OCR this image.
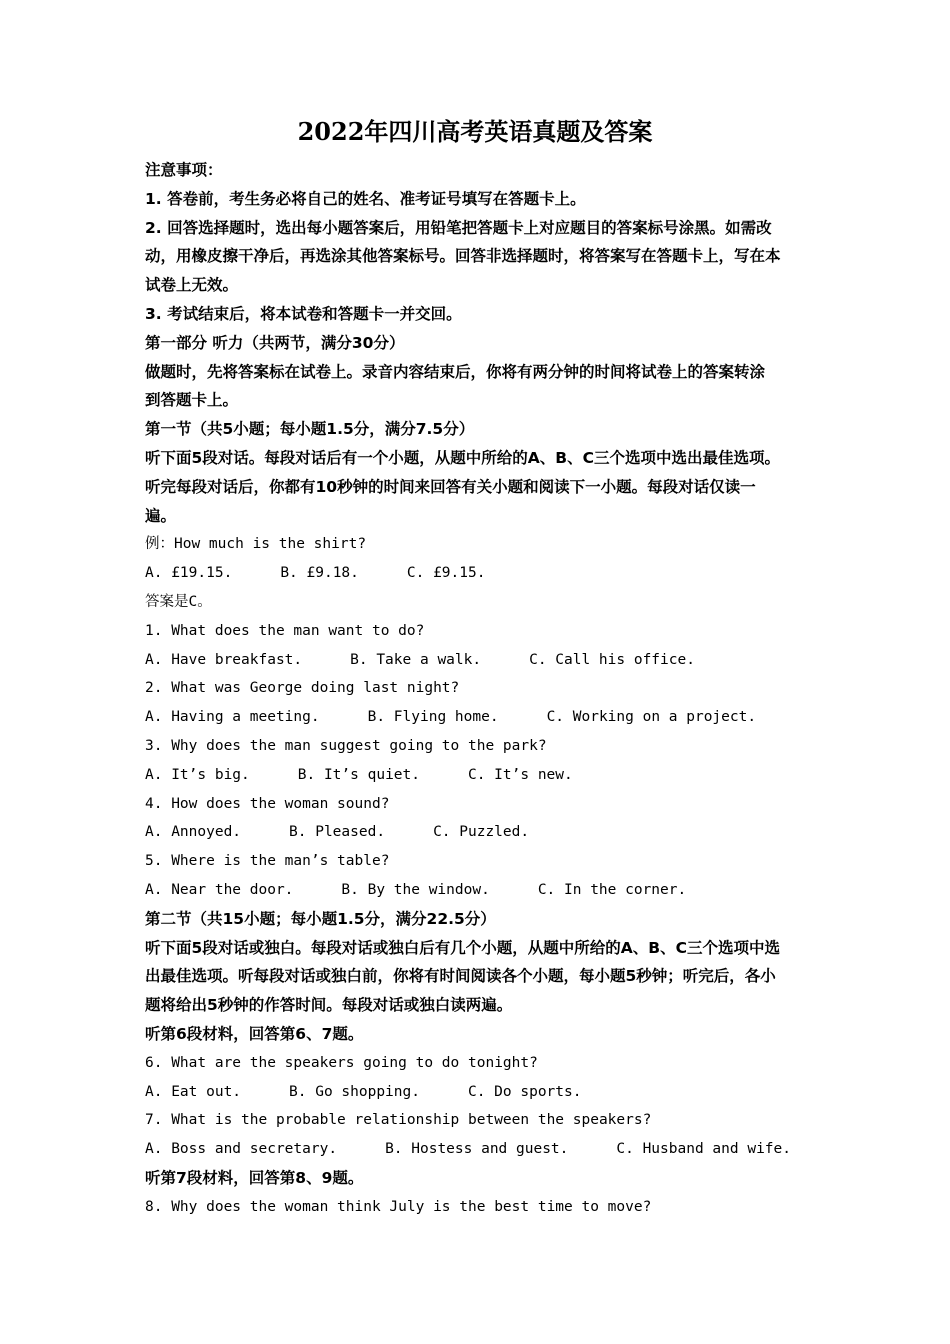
2022年四川高考英语真题及答案
注意事项：
1. 答卷前，考生务必将自己的姓名、准考证号填写在答题卡上。
2. 回答选择题时，选出每小题答案后，用铅笔把答题卡上对应题目的答案标号涂黑。如需改
动，用橡皮擦干净后，再选涂其他答案标号。回答非选择题时，将答案写在答题卡上，写在本
试卷上无效。
3. 考试结束后，将本试卷和答题卡一并交回。
第一部分 听力（共两节，满分30分）
做题时，先将答案标在试卷上。录音内容结束后，你将有两分钟的时间将试卷上的答案转涂
到答题卡上。
第一节（共5小题；每小题1.5分，满分7.5分）
听下面5段对话。每段对话后有一个小题，从题中所给的A、B、C三个选项中选出最佳选项。
听完每段对话后，你都有10秒钟的时间来回答有关小题和阅读下一小题。每段对话仅读一
遍。
例：How much is the shirt?
A. £19.15.	B. £9.18.	C. £9.15.
答案是C。
1. What does the man want to do?
A. Have breakfast.	B. Take a walk.	C. Call his office.
2. What was George doing last night?
A. Having a meeting.	B. Flying home.	C. Working on a project.
3. Why does the man suggest going to the park?
A. It’s big.	B. It’s quiet.	C. It’s new.
4. How does the woman sound?
A. Annoyed.	B. Pleased.	C. Puzzled.
5. Where is the man’s table?
A. Near the door.	B. By the window.	C. In the corner.
第二节（共15小题；每小题1.5分，满分22.5分）
听下面5段对话或独白。每段对话或独白后有几个小题，从题中所给的A、B、C三个选项中选
出最佳选项。听每段对话或独白前，你将有时间阅读各个小题，每小题5秒钟；听完后，各小
题将给出5秒钟的作答时间。每段对话或独白读两遍。
听第6段材料，回答第6、7题。
6. What are the speakers going to do tonight?
A. Eat out.	B. Go shopping.	C. Do sports.
7. What is the probable relationship between the speakers?
A. Boss and secretary.	B. Hostess and guest.	C. Husband and wife.
听第7段材料，回答第8、9题。
8. Why does the woman think July is the best time to move?
